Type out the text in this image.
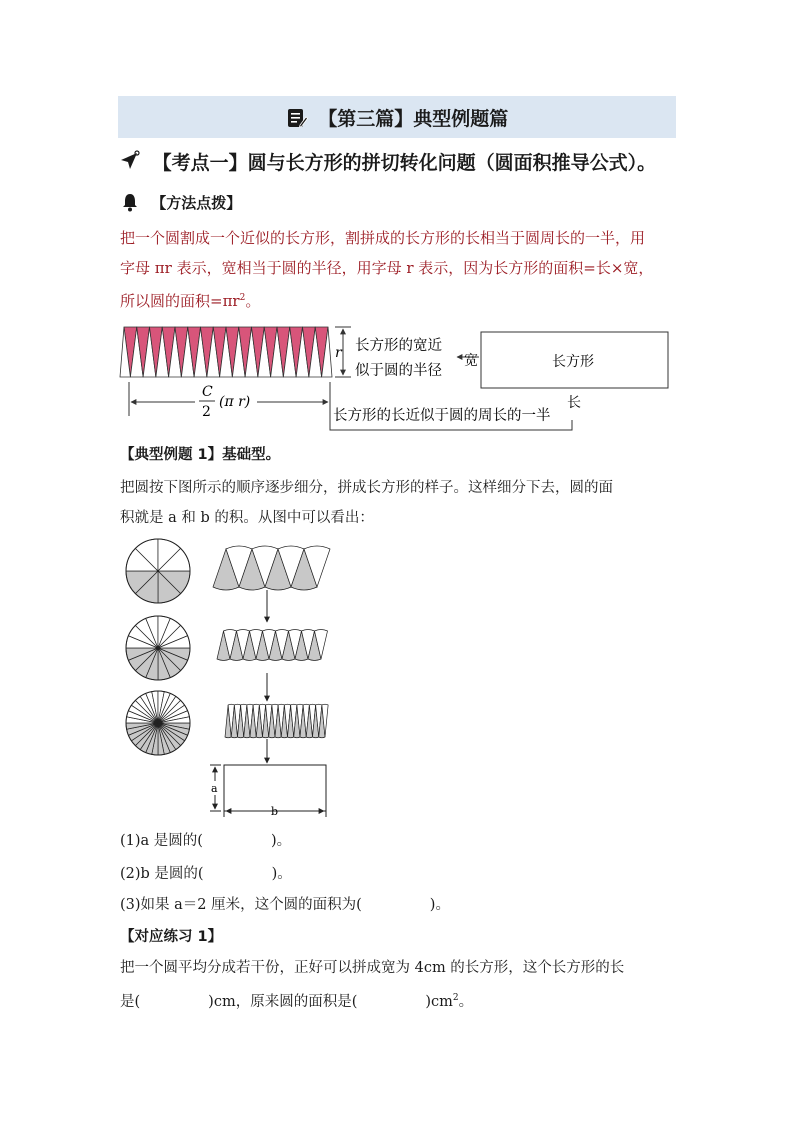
【第三篇】典型例题篇
【考点一】圆与长方形的拼切转化问题（圆面积推导公式）。
【方法点拨】
把一个圆割成一个近似的长方形，割拼成的长方形的长相当于圆周长的一半，用
字母 πr 表示，宽相当于圆的半径，用字母 r 表示，因为长方形的面积=长×宽，
所以圆的面积$=\pi r^2$。
r 长方形的宽近
似于圆的半径
宽	长方形
C
2
(π r)
长方形的长近似于圆的周长的一半
长
【典型例题 1】基础型。
把圆按下图所示的顺序逐步细分，拼成长方形的样子。这样细分下去，圆的面
积就是 a 和 b 的积。从图中可以看出：
a
b
(1)a 是圆的(	)。
(2)b 是圆的(	)。
(3)如果 a＝2 厘米，这个圆的面积为(	)。
【对应练习 1】
把一个圆平均分成若干份，正好可以拼成宽为 4cm 的长方形，这个长方形的长
是(	)cm，原来圆的面积是(	)$cm^2$。
